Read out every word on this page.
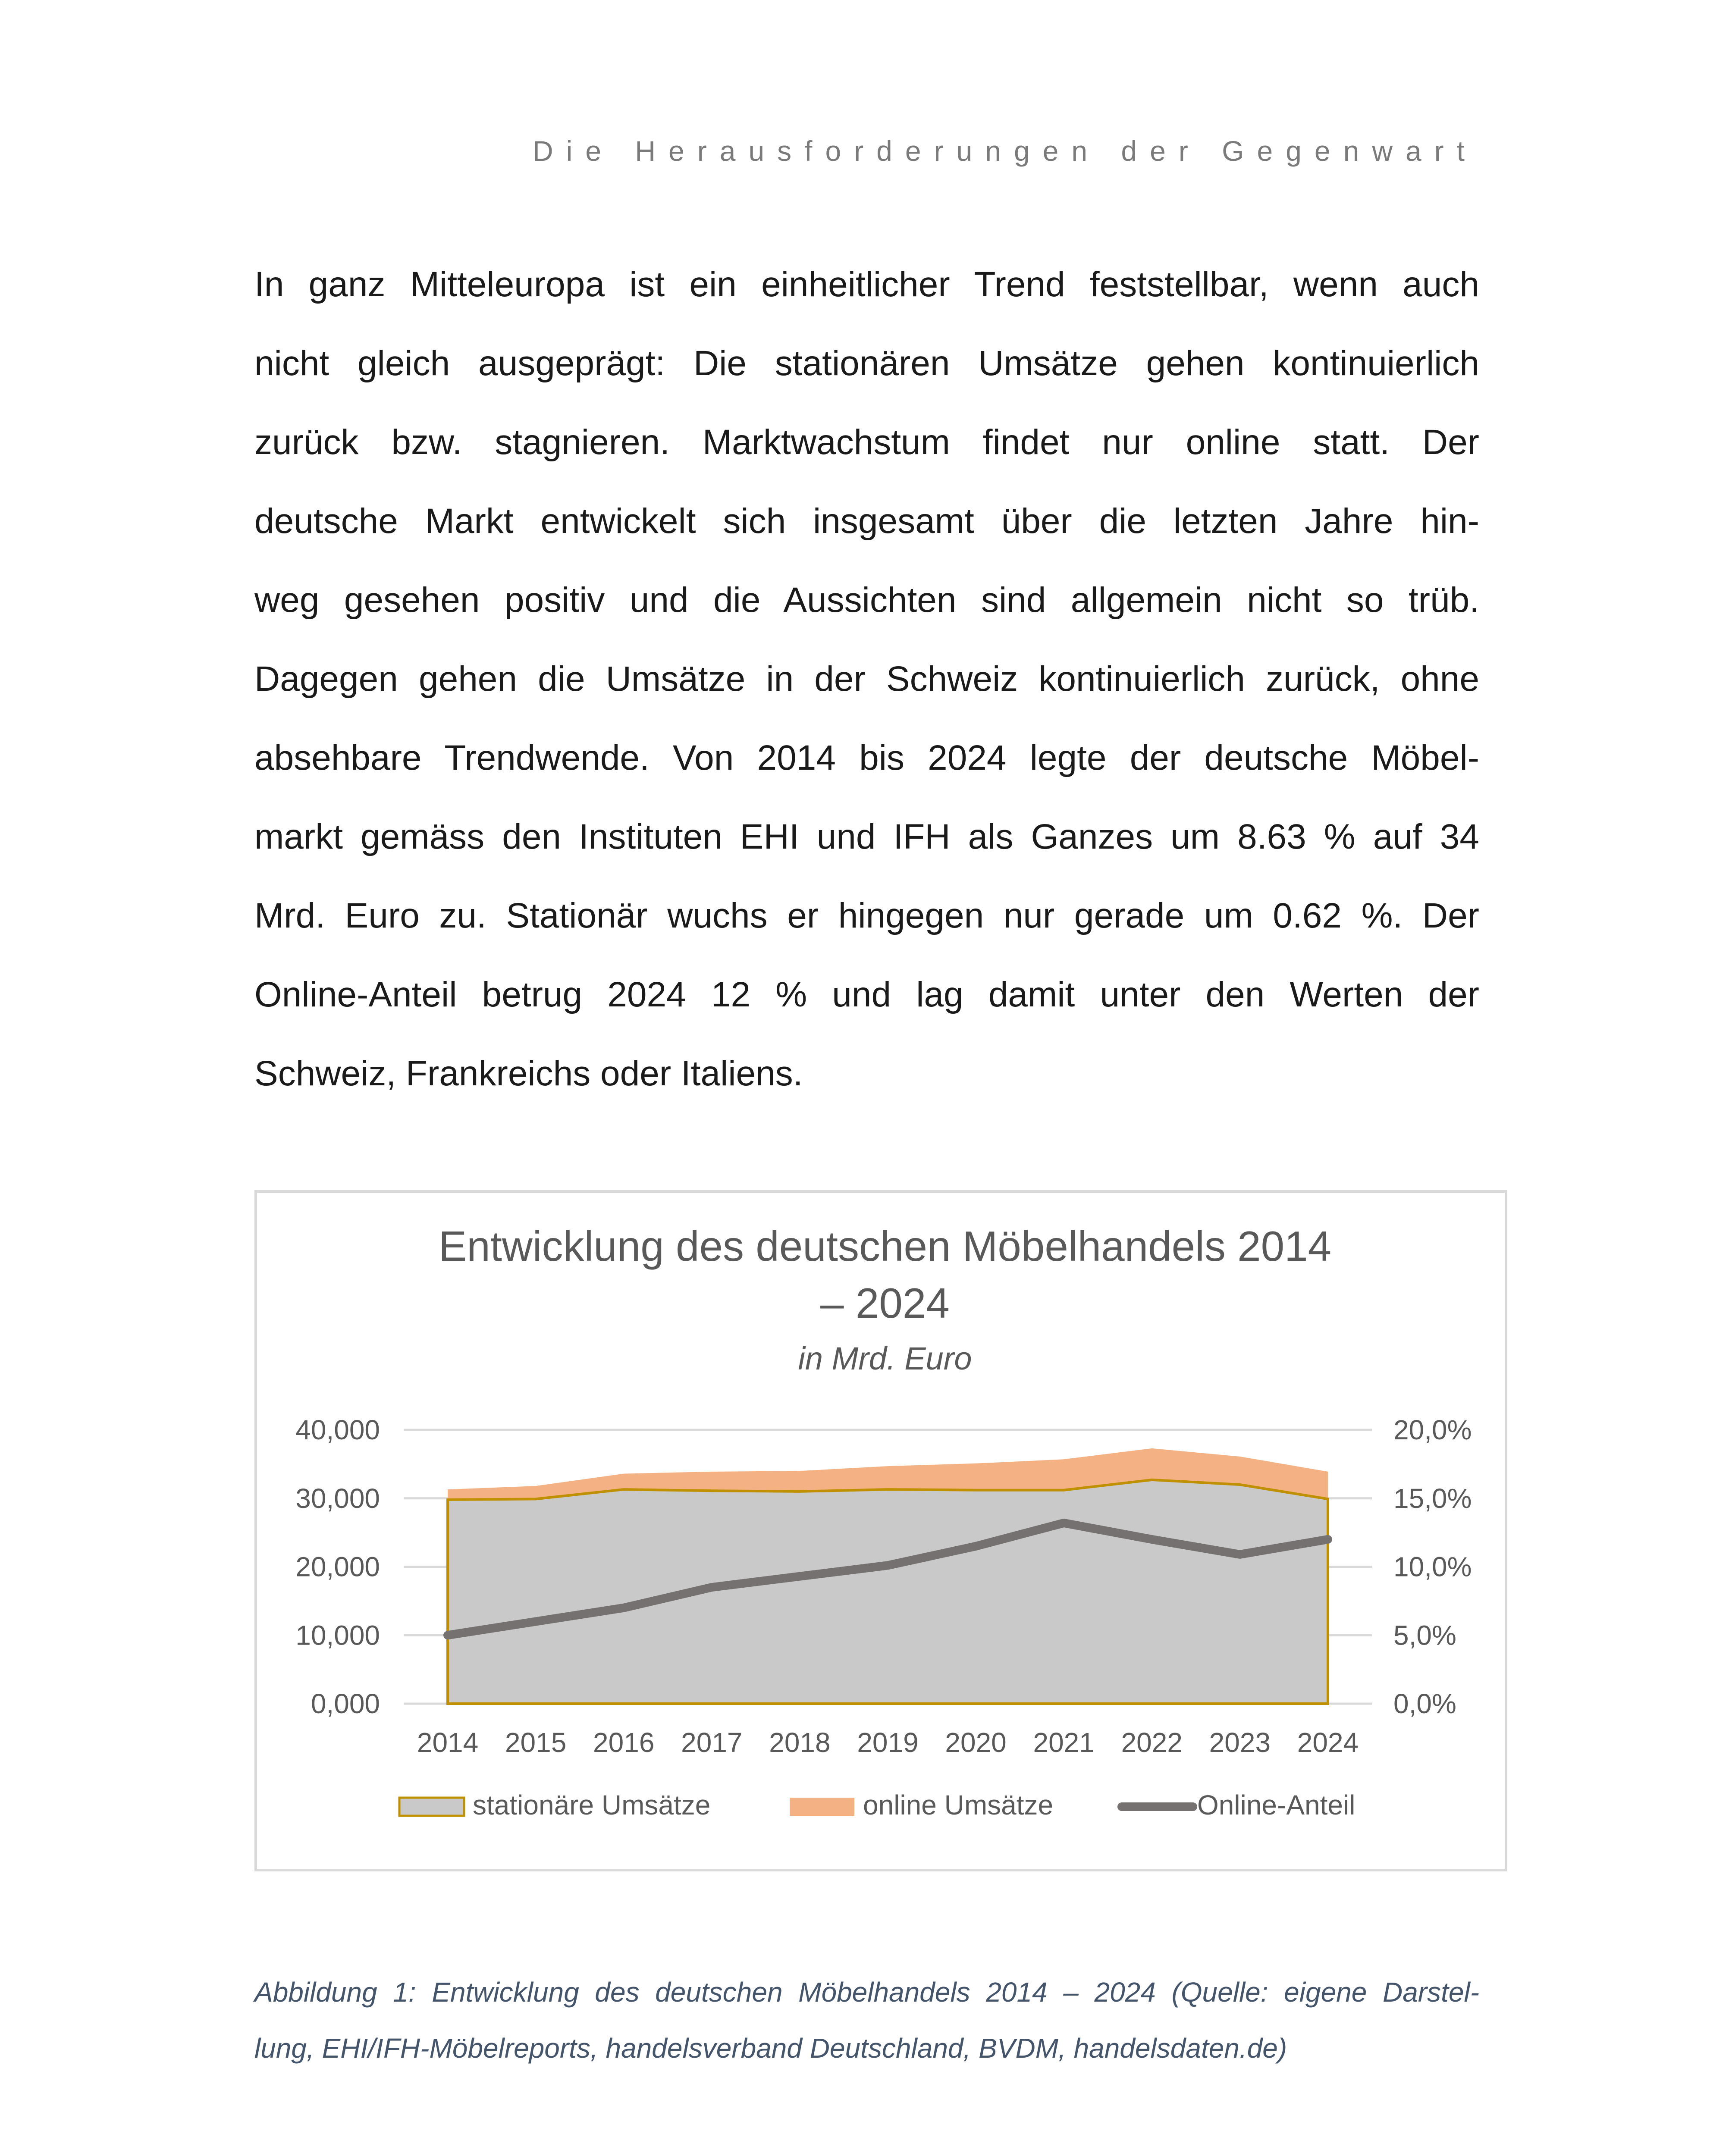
Die Herausforderungen der Gegenwart
In ganz Mitteleuropa ist ein einheitlicher Trend feststellbar, wenn auch
nicht gleich ausgeprägt: Die stationären Umsätze gehen kontinuierlich
zurück bzw. stagnieren. Marktwachstum findet nur online statt. Der
deutsche Markt entwickelt sich insgesamt über die letzten Jahre hin-
weg gesehen positiv und die Aussichten sind allgemein nicht so trüb.
Dagegen gehen die Umsätze in der Schweiz kontinuierlich zurück, ohne
absehbare Trendwende. Von 2014 bis 2024 legte der deutsche Möbel-
markt gemäss den Instituten EHI und IFH als Ganzes um 8.63 % auf 34
Mrd. Euro zu. Stationär wuchs er hingegen nur gerade um 0.62 %. Der
Online-Anteil betrug 2024 12 % und lag damit unter den Werten der
Schweiz, Frankreichs oder Italiens.
Entwicklung des deutschen Möbelhandels 2014
– 2024
in Mrd. Euro
0,000
10,000
20,000
30,000
40,000
0,0%
5,0%
10,0%
15,0%
20,0%
2014 2015 2016 2017 2018 2019 2020 2021 2022 2023 2024
stationäre Umsätze	online Umsätze	Online-Anteil
Abbildung 1: Entwicklung des deutschen Möbelhandels 2014 – 2024 (Quelle: eigene Darstel-
lung, EHI/IFH-Möbelreports, handelsverband Deutschland, BVDM, handelsdaten.de)
